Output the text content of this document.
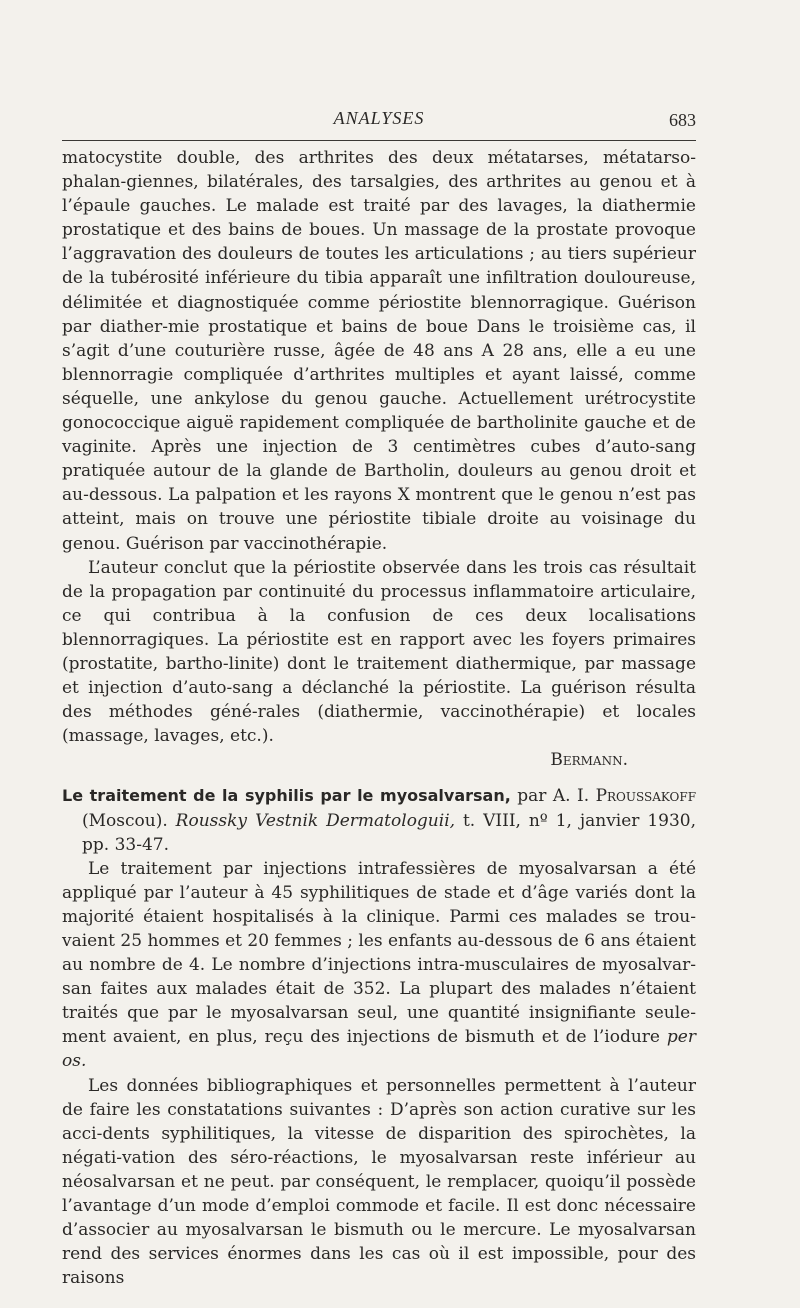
ANALYSES	683

matocystite double, des arthrites des deux métatarses, métatarso-phalan-giennes, bilatérales, des tarsalgies, des arthrites au genou et à l’épaule gauches. Le malade est traité par des lavages, la diathermie prostatique et des bains de boues. Un massage de la prostate provoque l’aggravation des douleurs de toutes les articulations ; au tiers supérieur de la tubérosité inférieure du tibia apparaît une infiltration douloureuse, délimitée et diagnostiquée comme périostite blennorragique. Guérison par diather-mie prostatique et bains de boue Dans le troisième cas, il s’agit d’une couturière russe, âgée de 48 ans A 28 ans, elle a eu une blennorragie compliquée d’arthrites multiples et ayant laissé, comme séquelle, une ankylose du genou gauche. Actuellement urétrocystite gonococcique aiguë rapidement compliquée de bartholinite gauche et de vaginite. Après une injection de 3 centimètres cubes d’auto-sang pratiquée autour de la glande de Bartholin, douleurs au genou droit et au-dessous. La palpation et les rayons X montrent que le genou n’est pas atteint, mais on trouve une périostite tibiale droite au voisinage du genou. Guérison par vaccinothérapie.

L’auteur conclut que la périostite observée dans les trois cas résultait de la propagation par continuité du processus inflammatoire articulaire, ce qui contribua à la confusion de ces deux localisations blennorragiques. La périostite est en rapport avec les foyers primaires (prostatite, bartho-linite) dont le traitement diathermique, par massage et injection d’auto-sang a déclanché la périostite. La guérison résulta des méthodes géné-rales (diathermie, vaccinothérapie) et locales (massage, lavages, etc.).

Bermann.

Le traitement de la syphilis par le myosalvarsan, par A. I. Proussakoff (Moscou). Rousskу Vestnik Dermatologuii, t. VIII, nº 1, janvier 1930, pp. 33-47.

Le traitement par injections intrafessières de myosalvarsan a été appliqué par l’auteur à 45 syphilitiques de stade et d’âge variés dont la majorité étaient hospitalisés à la clinique. Parmi ces malades se trou-vaient 25 hommes et 20 femmes ; les enfants au-dessous de 6 ans étaient au nombre de 4. Le nombre d’injections intra-musculaires de myosalvar-san faites aux malades était de 352. La plupart des malades n’étaient traités que par le myosalvarsan seul, une quantité insignifiante seule-ment avaient, en plus, reçu des injections de bismuth et de l’iodure per os.

Les données bibliographiques et personnelles permettent à l’auteur de faire les constatations suivantes : D’après son action curative sur les acci-dents syphilitiques, la vitesse de disparition des spirochètes, la négati-vation des séro-réactions, le myosalvarsan reste inférieur au néosalvarsan et ne peut. par conséquent, le remplacer, quoiqu’il possède l’avantage d’un mode d’emploi commode et facile. Il est donc nécessaire d’associer au myosalvarsan le bismuth ou le mercure. Le myosalvarsan rend des services énormes dans les cas où il est impossible, pour des raisons
